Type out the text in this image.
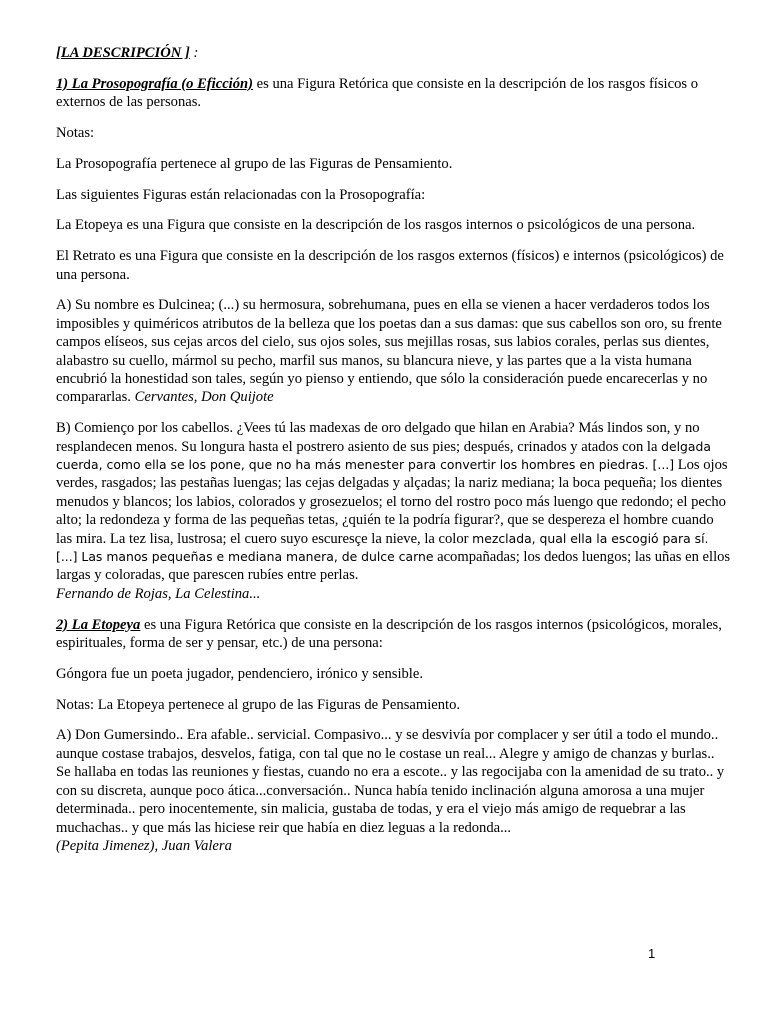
[LA DESCRIPCIÓN ] :

1) La Prosopografía (o Eficción) es una Figura Retórica que consiste en la descripción de los rasgos físicos o externos de las personas.

Notas:

La Prosopografía pertenece al grupo de las Figuras de Pensamiento.

Las siguientes Figuras están relacionadas con la Prosopografía:

La Etopeya es una Figura que consiste en la descripción de los rasgos internos o psicológicos de una persona.

El Retrato es una Figura que consiste en la descripción de los rasgos externos (físicos) e internos (psicológicos) de una persona.

A) Su nombre es Dulcinea; (...) su hermosura, sobrehumana, pues en ella se vienen a hacer verdaderos todos los imposibles y quiméricos atributos de la belleza que los poetas dan a sus damas: que sus cabellos son oro, su frente campos elíseos, sus cejas arcos del cielo, sus ojos soles, sus mejillas rosas, sus labios corales, perlas sus dientes, alabastro su cuello, mármol su pecho, marfil sus manos, su blancura nieve, y las partes que a la vista humana encubrió la honestidad son tales, según yo pienso y entiendo, que sólo la consideración puede encarecerlas y no compararlas. Cervantes, Don Quijote

B) Comienço por los cabellos. ¿Vees tú las madexas de oro delgado que hilan en Arabia? Más lindos son, y no resplandecen menos. Su longura hasta el postrero asiento de sus pies; después, crinados y atados con la delgada cuerda, como ella se los pone, que no ha más menester para convertir los hombres en piedras. [...] Los ojos verdes, rasgados; las pestañas luengas; las cejas delgadas y alçadas; la nariz mediana; la boca pequeña; los dientes menudos y blancos; los labios, colorados y grosezuelos; el torno del rostro poco más luengo que redondo; el pecho alto; la redondeza y forma de las pequeñas tetas, ¿quién te la podría figurar?, que se despereza el hombre cuando las mira. La tez lisa, lustrosa; el cuero suyo escuresçe la nieve, la color mezclada, qual ella la escogió para sí. [...] Las manos pequeñas e mediana manera, de dulce carne acompañadas; los dedos luengos; las uñas en ellos largas y coloradas, que parescen rubíes entre perlas.
Fernando de Rojas, La Celestina...

2) La Etopeya es una Figura Retórica que consiste en la descripción de los rasgos internos (psicológicos, morales, espirituales, forma de ser y pensar, etc.) de una persona:

Góngora fue un poeta jugador, pendenciero, irónico y sensible.

Notas: La Etopeya pertenece al grupo de las Figuras de Pensamiento.

A) Don Gumersindo.. Era afable.. servicial. Compasivo... y se desvivía por complacer y ser útil a todo el mundo.. aunque costase trabajos, desvelos, fatiga, con tal que no le costase un real... Alegre y amigo de chanzas y burlas.. Se hallaba en todas las reuniones y fiestas, cuando no era a escote.. y las regocijaba con la amenidad de su trato.. y con su discreta, aunque poco ática...conversación.. Nunca había tenido inclinación alguna amorosa a una mujer determinada.. pero inocentemente, sin malicia, gustaba de todas, y era el viejo más amigo de requebrar a las muchachas.. y que más las hiciese reir que había en diez leguas a la redonda...
(Pepita Jimenez), Juan Valera

1
